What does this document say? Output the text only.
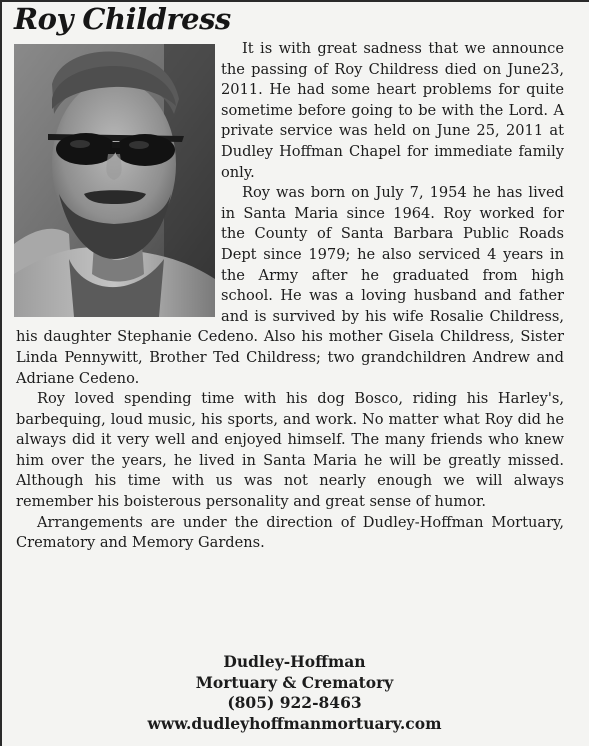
Roy Childress

It is with great sadness that we announce the passing of Roy Childress died on June23, 2011. He had some heart problems for quite sometime before going to be with the Lord. A private service was held on June 25, 2011 at Dudley Hoffman Chapel for immediate family only.

Roy was born on July 7, 1954 he has lived in Santa Maria since 1964. Roy worked for the County of Santa Barbara Public Roads Dept since 1979; he also serviced 4 years in the Army after he graduated from high school. He was a loving husband and father and is survived by his wife Rosalie Childress, his daughter Stephanie Cedeno. Also his mother Gisela Childress, Sister Linda Pennywitt, Brother Ted Childress; two grandchildren Andrew and Adriane Cedeno.

Roy loved spending time with his dog Bosco, riding his Harley's, barbequing, loud music, his sports, and work. No matter what Roy did he always did it very well and enjoyed himself. The many friends who knew him over the years, he lived in Santa Maria he will be greatly missed. Although his time with us was not nearly enough we will always remember his boisterous personality and great sense of humor.

Arrangements are under the direction of Dudley-Hoffman Mortuary, Crematory and Memory Gardens.

Dudley-Hoffman
Mortuary & Crematory
(805) 922-8463
www.dudleyhoffmanmortuary.com
